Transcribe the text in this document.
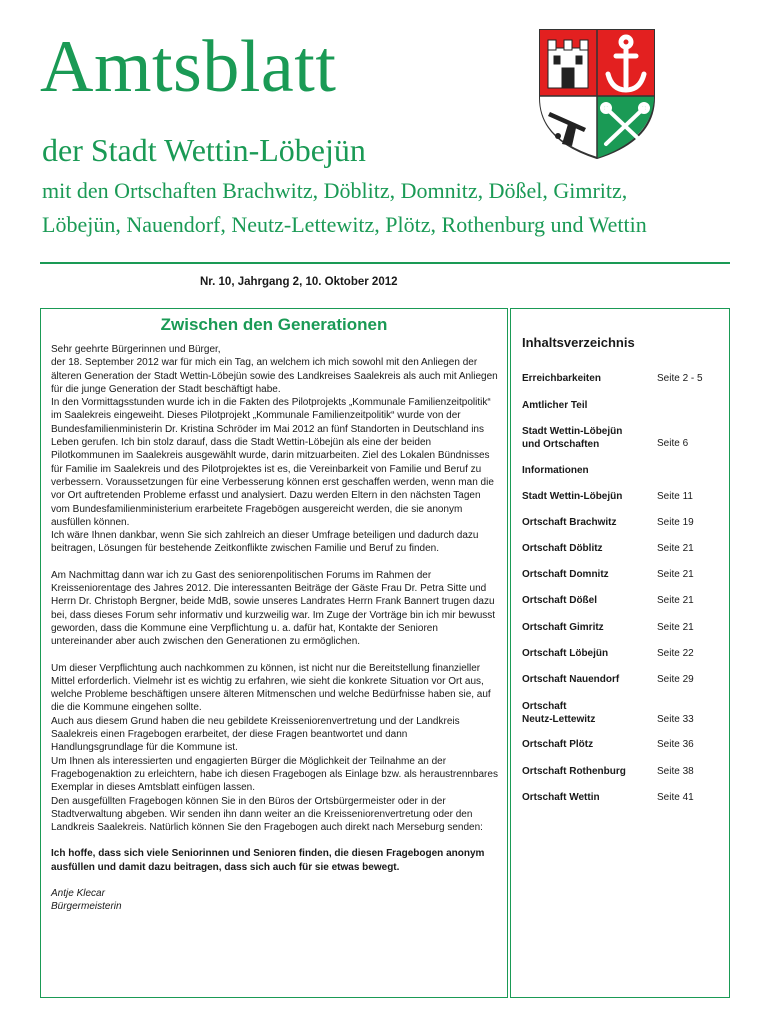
Amtsblatt
der Stadt Wettin-Löbejün
mit den Ortschaften Brachwitz, Döblitz, Domnitz, Dößel, Gimritz,
Löbejün, Nauendorf, Neutz-Lettewitz, Plötz, Rothenburg und Wettin
Nr. 10, Jahrgang 2, 10. Oktober 2012
Zwischen den Generationen

Sehr geehrte Bürgerinnen und Bürger,
der 18. September 2012 war für mich ein Tag, an welchem ich mich sowohl mit den Anliegen der älteren Generation der Stadt Wettin-Löbejün sowie des Landkreises Saalekreis als auch mit Anliegen für die junge Generation der Stadt beschäftigt habe.
In den Vormittagsstunden wurde ich in die Fakten des Pilotprojekts „Kommunale Familienzeitpolitik“ im Saalekreis eingeweiht. Dieses Pilotprojekt „Kommunale Familienzeitpolitik“ wurde von der Bundesfamilienministerin Dr. Kristina Schröder im Mai 2012 an fünf Standorten in Deutschland ins Leben gerufen. Ich bin stolz darauf, dass die Stadt Wettin-Löbejün als eine der beiden Pilotkommunen im Saalekreis ausgewählt wurde, darin mitzuarbeiten. Ziel des Lokalen Bündnisses für Familie im Saalekreis und des Pilotprojektes ist es, die Vereinbarkeit von Familie und Beruf zu verbessern. Voraussetzungen für eine Verbesserung können erst geschaffen werden, wenn man die vor Ort auftretenden Probleme erfasst und analysiert. Dazu werden Eltern in den nächsten Tagen vom Bundesfamilienministerium erarbeitete Fragebögen ausgereicht werden, die sie anonym ausfüllen können.
Ich wäre Ihnen dankbar, wenn Sie sich zahlreich an dieser Umfrage beteiligen und dadurch dazu beitragen, Lösungen für bestehende Zeitkonflikte zwischen Familie und Beruf zu finden.

Am Nachmittag dann war ich zu Gast des seniorenpolitischen Forums im Rahmen der Kreisseniorentage des Jahres 2012. Die interessanten Beiträge der Gäste Frau Dr. Petra Sitte und Herrn Dr. Christoph Bergner, beide MdB, sowie unseres Landrates Herrn Frank Bannert trugen dazu bei, dass dieses Forum sehr informativ und kurzweilig war. Im Zuge der Vorträge bin ich mir bewusst geworden, dass die Kommune eine Verpflichtung u. a. dafür hat, Kontakte der Senioren untereinander aber auch zwischen den Generationen zu ermöglichen.

Um dieser Verpflichtung auch nachkommen zu können, ist nicht nur die Bereitstellung finanzieller Mittel erforderlich. Vielmehr ist es wichtig zu erfahren, wie sieht die konkrete Situation vor Ort aus, welche Probleme beschäftigen unsere älteren Mitmenschen und welche Bedürfnisse haben sie, auf die die Kommune eingehen sollte.
Auch aus diesem Grund haben die neu gebildete Kreisseniorenvertretung und der Landkreis Saalekreis einen Fragebogen erarbeitet, der diese Fragen beantwortet und dann Handlungsgrundlage für die Kommune ist.
Um Ihnen als interessierten und engagierten Bürger die Möglichkeit der Teilnahme an der Fragebogenaktion zu erleichtern, habe ich diesen Fragebogen als Einlage bzw. als heraustrennbares Exemplar in dieses Amtsblatt einfügen lassen.
Den ausgefüllten Fragebogen können Sie in den Büros der Ortsbürgermeister oder in der Stadtverwaltung abgeben. Wir senden ihn dann weiter an die Kreisseniorenvertretung oder den Landkreis Saalekreis. Natürlich können Sie den Fragebogen auch direkt nach Merseburg senden:

Ich hoffe, dass sich viele Seniorinnen und Senioren finden, die diesen Fragebogen anonym ausfüllen und damit dazu beitragen, dass sich auch für sie etwas bewegt.

Antje Klecar
Bürgermeisterin

Inhaltsverzeichnis
Erreichbarkeiten	Seite 2 - 5
Amtlicher Teil
Stadt Wettin-Löbejün
und Ortschaften	Seite 6
Informationen
Stadt Wettin-Löbejün	Seite 11
Ortschaft Brachwitz	Seite 19
Ortschaft Döblitz	Seite 21
Ortschaft Domnitz	Seite 21
Ortschaft Dößel	Seite 21
Ortschaft Gimritz	Seite 21
Ortschaft Löbejün	Seite 22
Ortschaft Nauendorf	Seite 29
Ortschaft
Neutz-Lettewitz	Seite 33
Ortschaft Plötz	Seite 36
Ortschaft Rothenburg	Seite 38
Ortschaft Wettin	Seite 41
